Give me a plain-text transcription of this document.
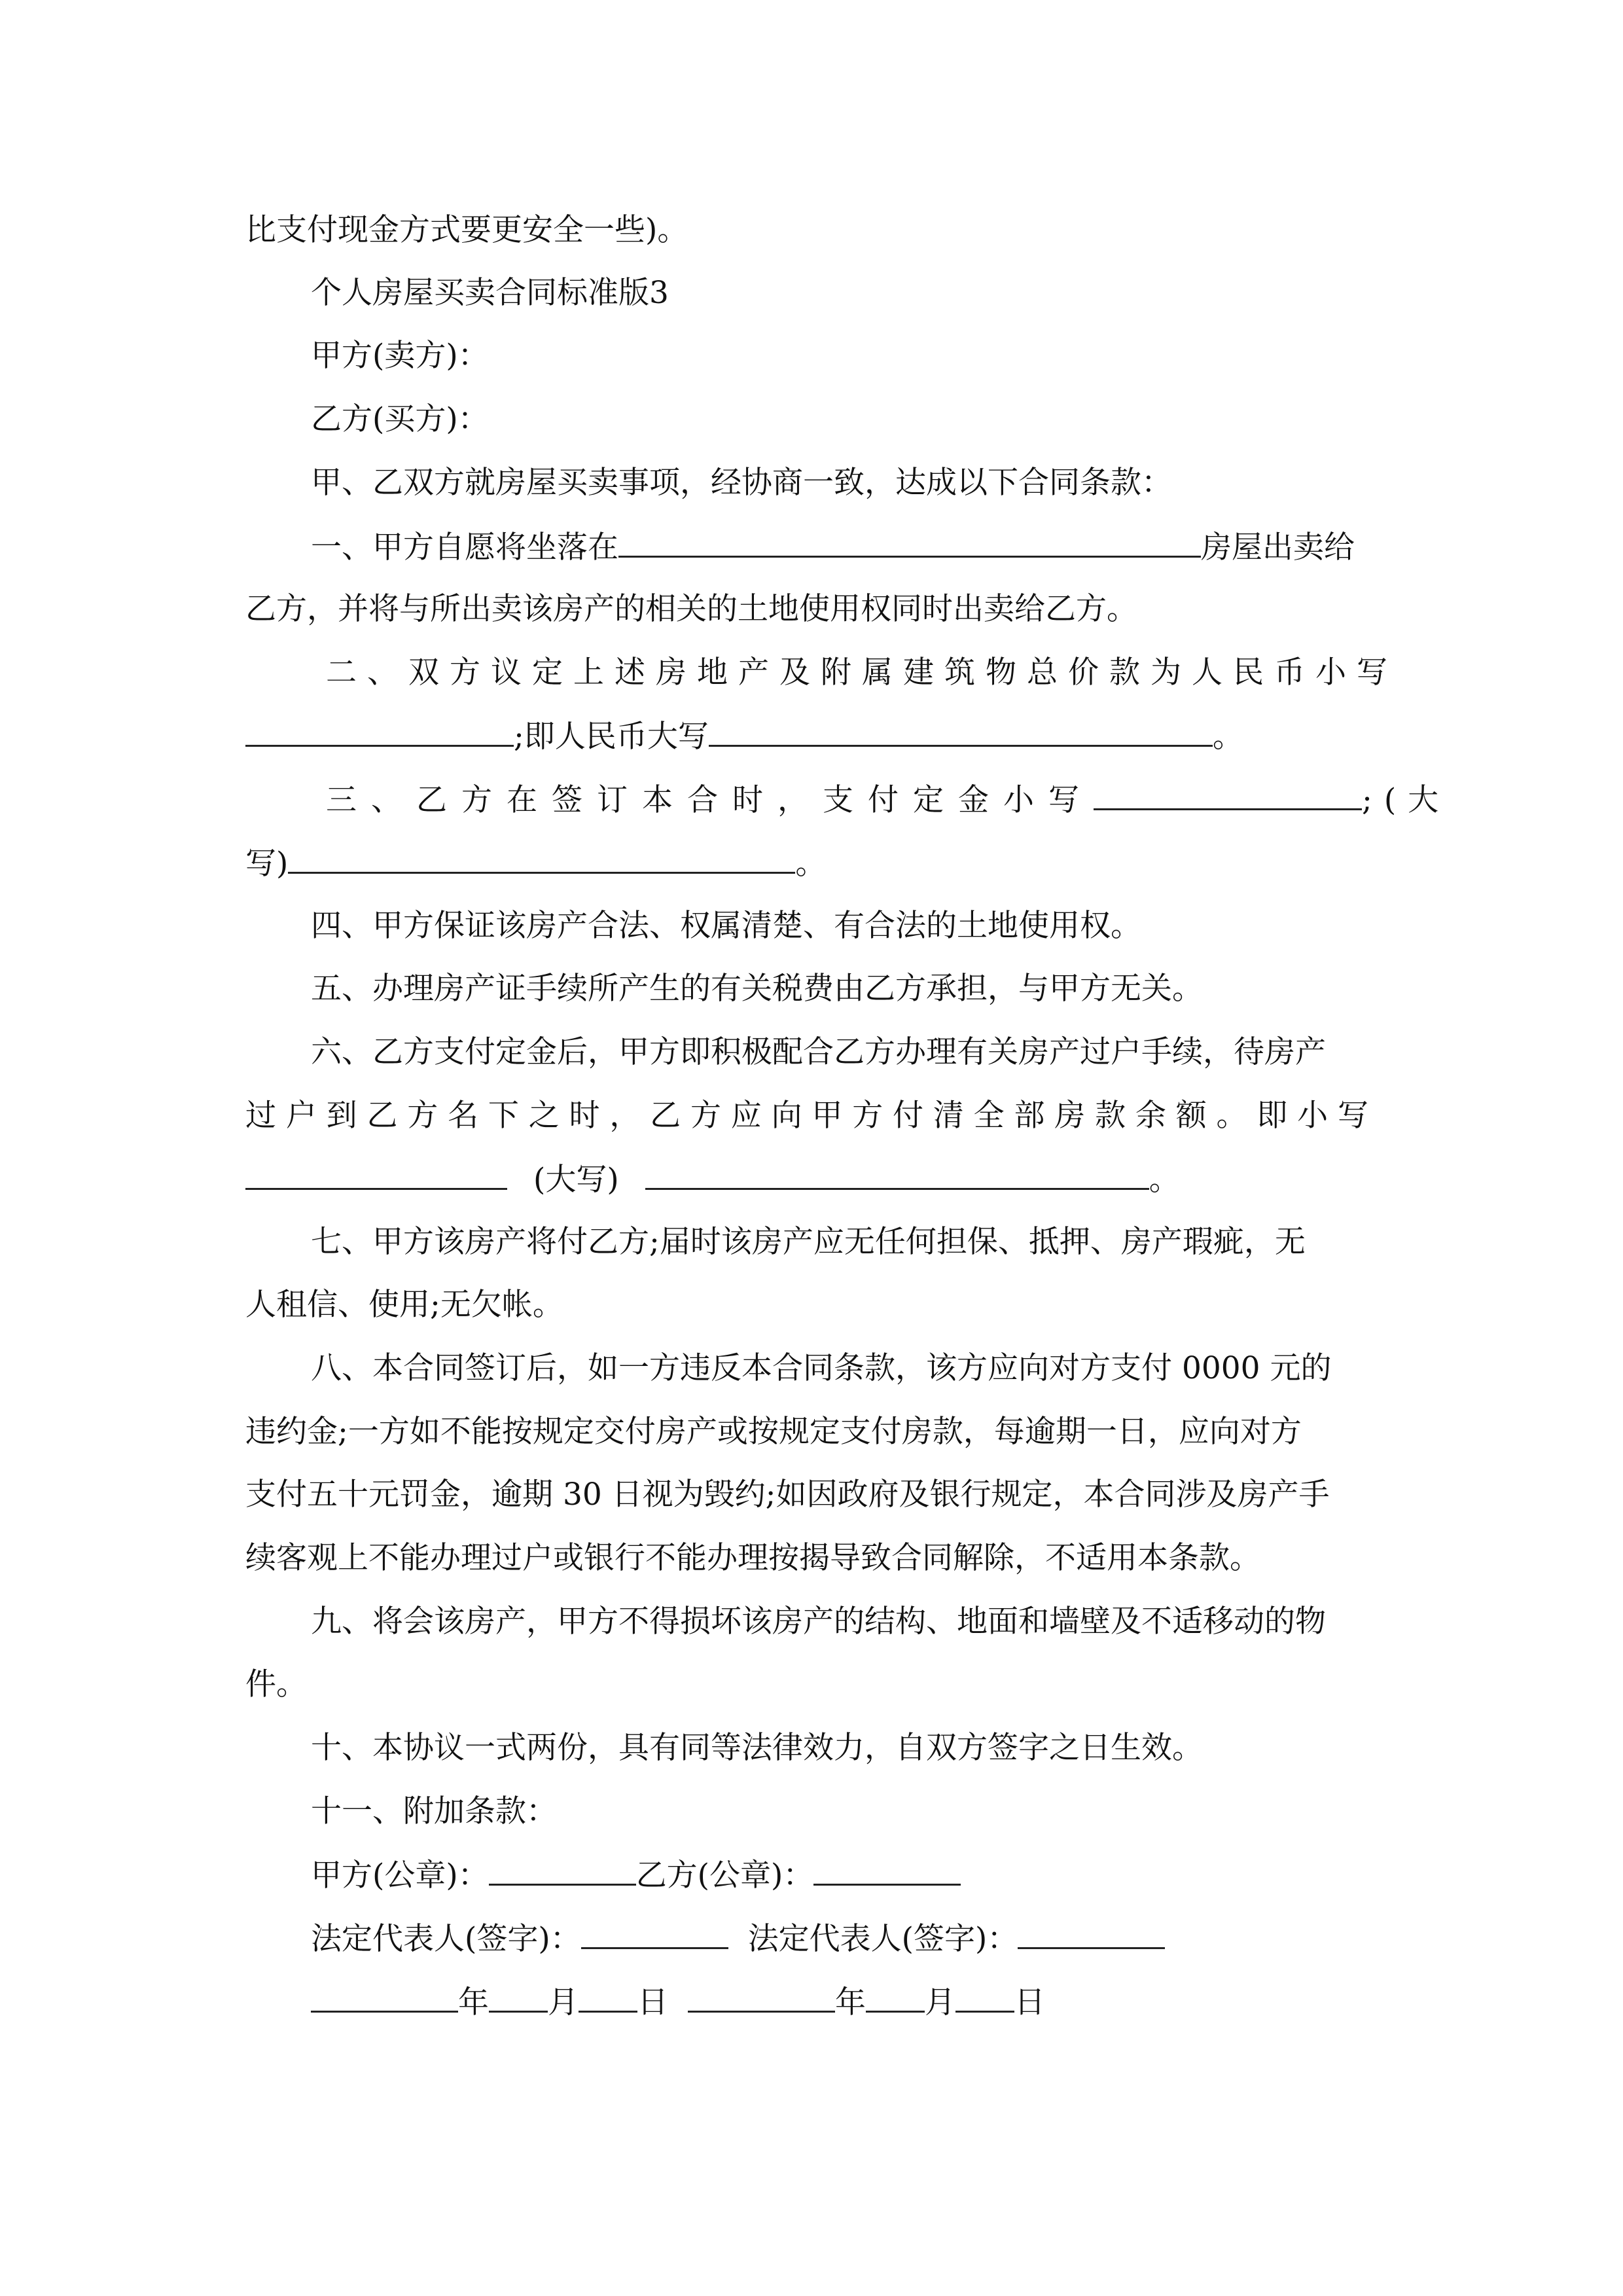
比支付现金方式要更安全一些)。
个人房屋买卖合同标准版3
甲方(卖方)：
乙方(买方)：
甲、乙双方就房屋买卖事项，经协商一致，达成以下合同条款：
一、甲方自愿将坐落在	房屋出卖给
乙方，并将与所出卖该房产的相关的土地使用权同时出卖给乙方。
二、双方议定上述房地产及附属建筑物总价款为人民币小写
;即人民币大写	。
三、乙方在签订本合时，支付定金小写	;(大
写)	。
四、甲方保证该房产合法、权属清楚、有合法的土地使用权。
五、办理房产证手续所产生的有关税费由乙方承担，与甲方无关。
六、乙方支付定金后，甲方即积极配合乙方办理有关房产过户手续，待房产
过户到乙方名下之时，乙方应向甲方付清全部房款余额。即小写
(大写)	。
七、甲方该房产将付乙方;届时该房产应无任何担保、抵押、房产瑕疵，无
人租信、使用;无欠帐。
八、本合同签订后，如一方违反本合同条款，该方应向对方支付 0000 元的
违约金;一方如不能按规定交付房产或按规定支付房款，每逾期一日，应向对方
支付五十元罚金，逾期 30 日视为毁约;如因政府及银行规定，本合同涉及房产手
续客观上不能办理过户或银行不能办理按揭导致合同解除，不适用本条款。
九、将会该房产，甲方不得损坏该房产的结构、地面和墙壁及不适移动的物
件。
十、本协议一式两份，具有同等法律效力，自双方签字之日生效。
十一、附加条款：
甲方(公章)：	乙方(公章)：
法定代表人(签字)：	法定代表人(签字)：
年 月 日	年 月 日
